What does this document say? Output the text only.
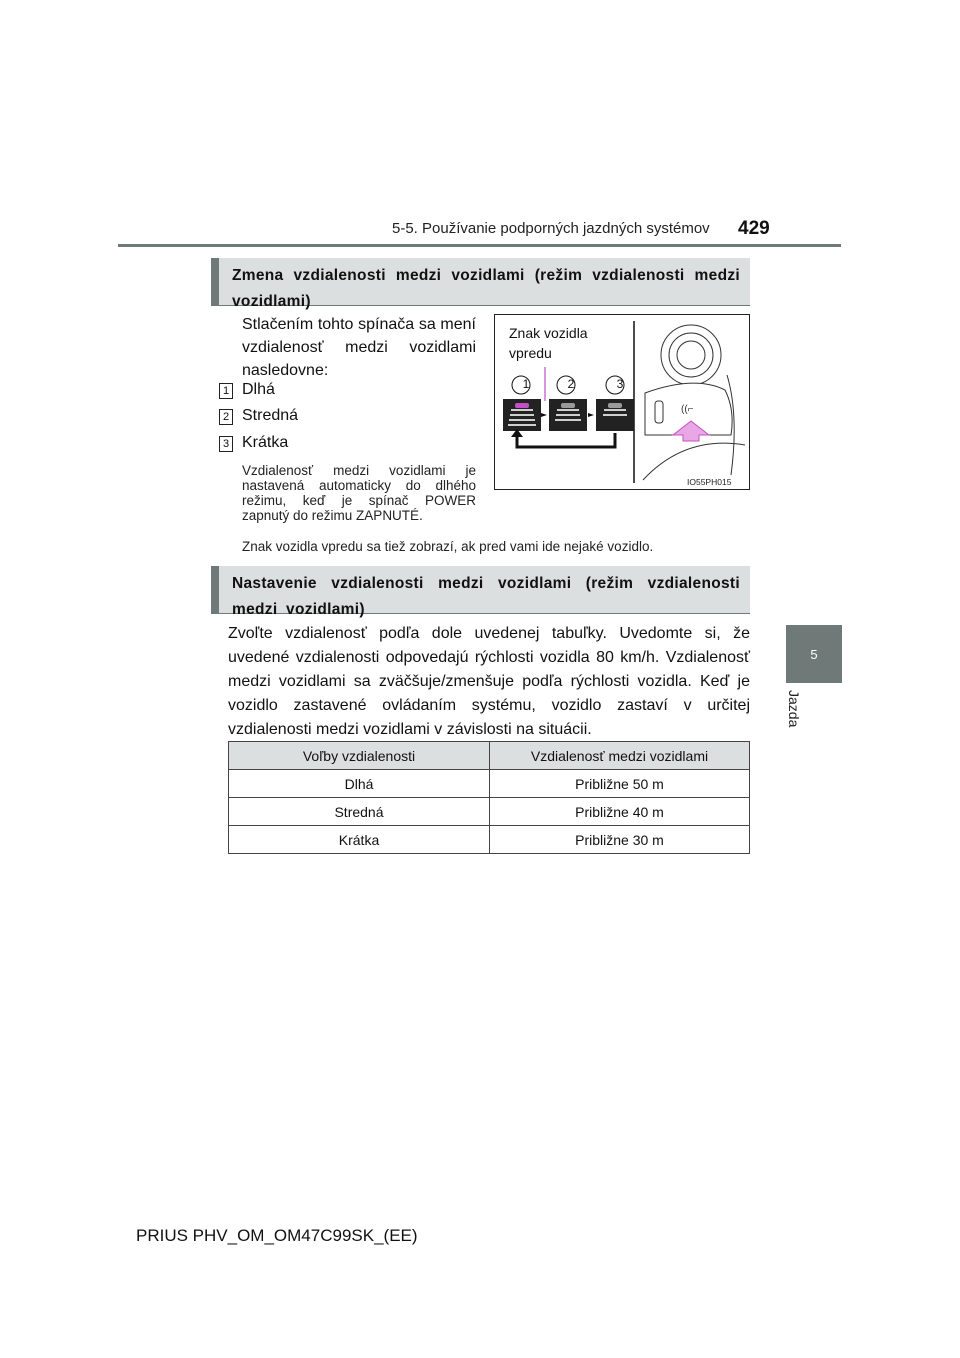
5-5. Používanie podporných jazdných systémov 429
5
Jazda
Zmena vzdialenosti medzi vozidlami (režim vzdialenosti medzi vozidlami)
Stlačením tohto spínača sa mení vzdialenosť medzi vozidlami nasledovne:
1 Dlhá
2 Stredná
3 Krátka
Vzdialenosť medzi vozidlami je nastavená automaticky do dlhého režimu, keď je spínač POWER zapnutý do režimu ZAPNUTÉ.
Znak vozidla vpredu sa tiež zobrazí, ak pred vami ide nejaké vozidlo.
((⌐
Znak vozidla vpredu
1	2	3
IO55PH015
Nastavenie vzdialenosti medzi vozidlami (režim vzdialenosti medzi vozidlami)
Zvoľte vzdialenosť podľa dole uvedenej tabuľky. Uvedomte si, že uvedené vzdialenosti odpovedajú rýchlosti vozidla 80 km/h. Vzdialenosť medzi vozidlami sa zväčšuje/zmenšuje podľa rýchlosti vozidla. Keď je vozidlo zastavené ovládaním systému, vozidlo zastaví v určitej vzdialenosti medzi vozidlami v závislosti na situácii.
Voľby vzdialenosti	Vzdialenosť medzi vozidlami
Dlhá	Približne 50 m
Stredná	Približne 40 m
Krátka	Približne 30 m
PRIUS PHV_OM_OM47C99SK_(EE)
